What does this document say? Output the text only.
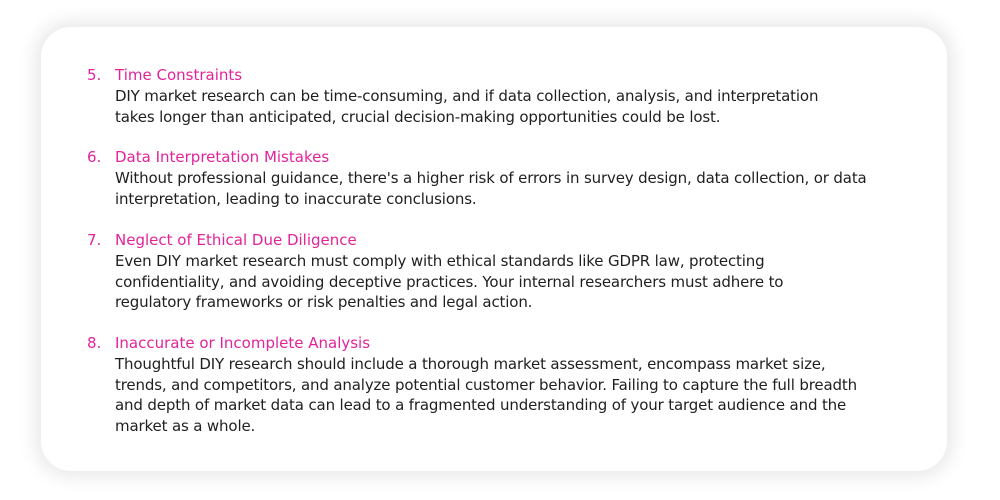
5. Time Constraints

DIY market research can be time-consuming, and if data collection, analysis, and interpretation
takes longer than anticipated, crucial decision-making opportunities could be lost.

6. Data Interpretation Mistakes

Without professional guidance, there's a higher risk of errors in survey design, data collection, or data
interpretation, leading to inaccurate conclusions.

7. Neglect of Ethical Due Diligence

Even DIY market research must comply with ethical standards like GDPR law, protecting
confidentiality, and avoiding deceptive practices. Your internal researchers must adhere to
regulatory frameworks or risk penalties and legal action.

8. Inaccurate or Incomplete Analysis

Thoughtful DIY research should include a thorough market assessment, encompass market size,
trends, and competitors, and analyze potential customer behavior. Failing to capture the full breadth
and depth of market data can lead to a fragmented understanding of your target audience and the
market as a whole.
